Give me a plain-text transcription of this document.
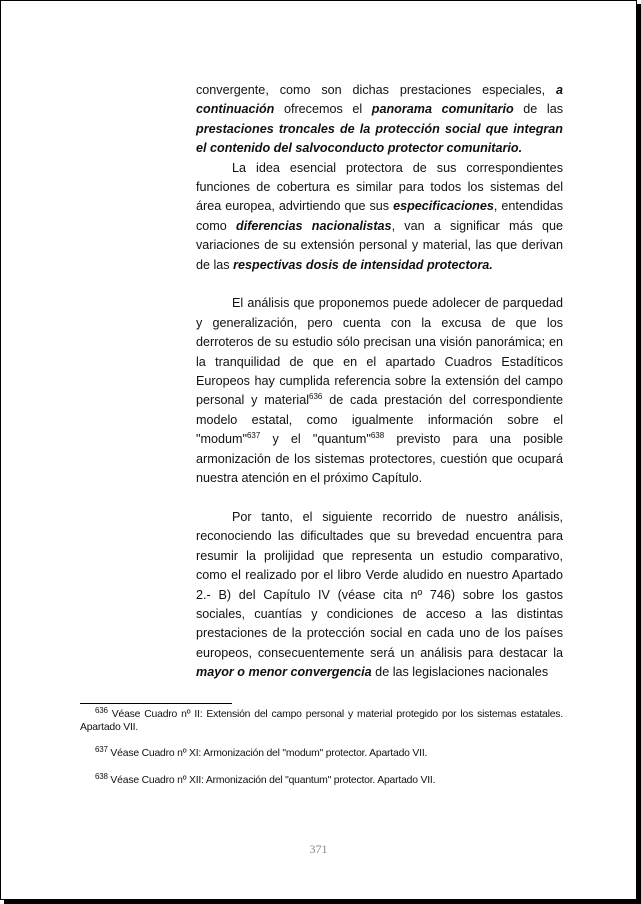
convergente, como son dichas prestaciones especiales, a continuación ofrecemos el panorama comunitario de las prestaciones troncales de la protección social que integran el contenido del salvoconducto protector comunitario.

La idea esencial protectora de sus correspondientes funciones de cobertura es similar para todos los sistemas del área europea, advirtiendo que sus especificaciones, entendidas como diferencias nacionalistas, van a significar más que variaciones de su extensión personal y material, las que derivan de las respectivas dosis de intensidad protectora.

El análisis que proponemos puede adolecer de parquedad y generalización, pero cuenta con la excusa de que los derroteros de su estudio sólo precisan una visión panorámica; en la tranquilidad de que en el apartado Cuadros Estadíticos Europeos hay cumplida referencia sobre la extensión del campo personal y material$^{636}$ de cada prestación del correspondiente modelo estatal, como igualmente información sobre el "modum"$^{637}$ y el "quantum"$^{638}$ previsto para una posible armonización de los sistemas protectores, cuestión que ocupará nuestra atención en el próximo Capítulo.

Por tanto, el siguiente recorrido de nuestro análisis, reconociendo las dificultades que su brevedad encuentra para resumir la prolijidad que representa un estudio comparativo, como el realizado por el libro Verde aludido en nuestro Apartado 2.- B) del Capítulo IV (véase cita nº 746) sobre los gastos sociales, cuantías y condiciones de acceso a las distintas prestaciones de la protección social en cada uno de los países europeos, consecuentemente será un análisis para destacar la mayor o menor convergencia de las legislaciones nacionales

$^{636}$ Véase Cuadro nº II: Extensión del campo personal y material protegido por los sistemas estatales. Apartado VII.

$^{637}$ Véase Cuadro nº XI: Armonización del "modum" protector. Apartado VII.

$^{638}$ Véase Cuadro nº XII: Armonización del "quantum" protector. Apartado VII.

371
